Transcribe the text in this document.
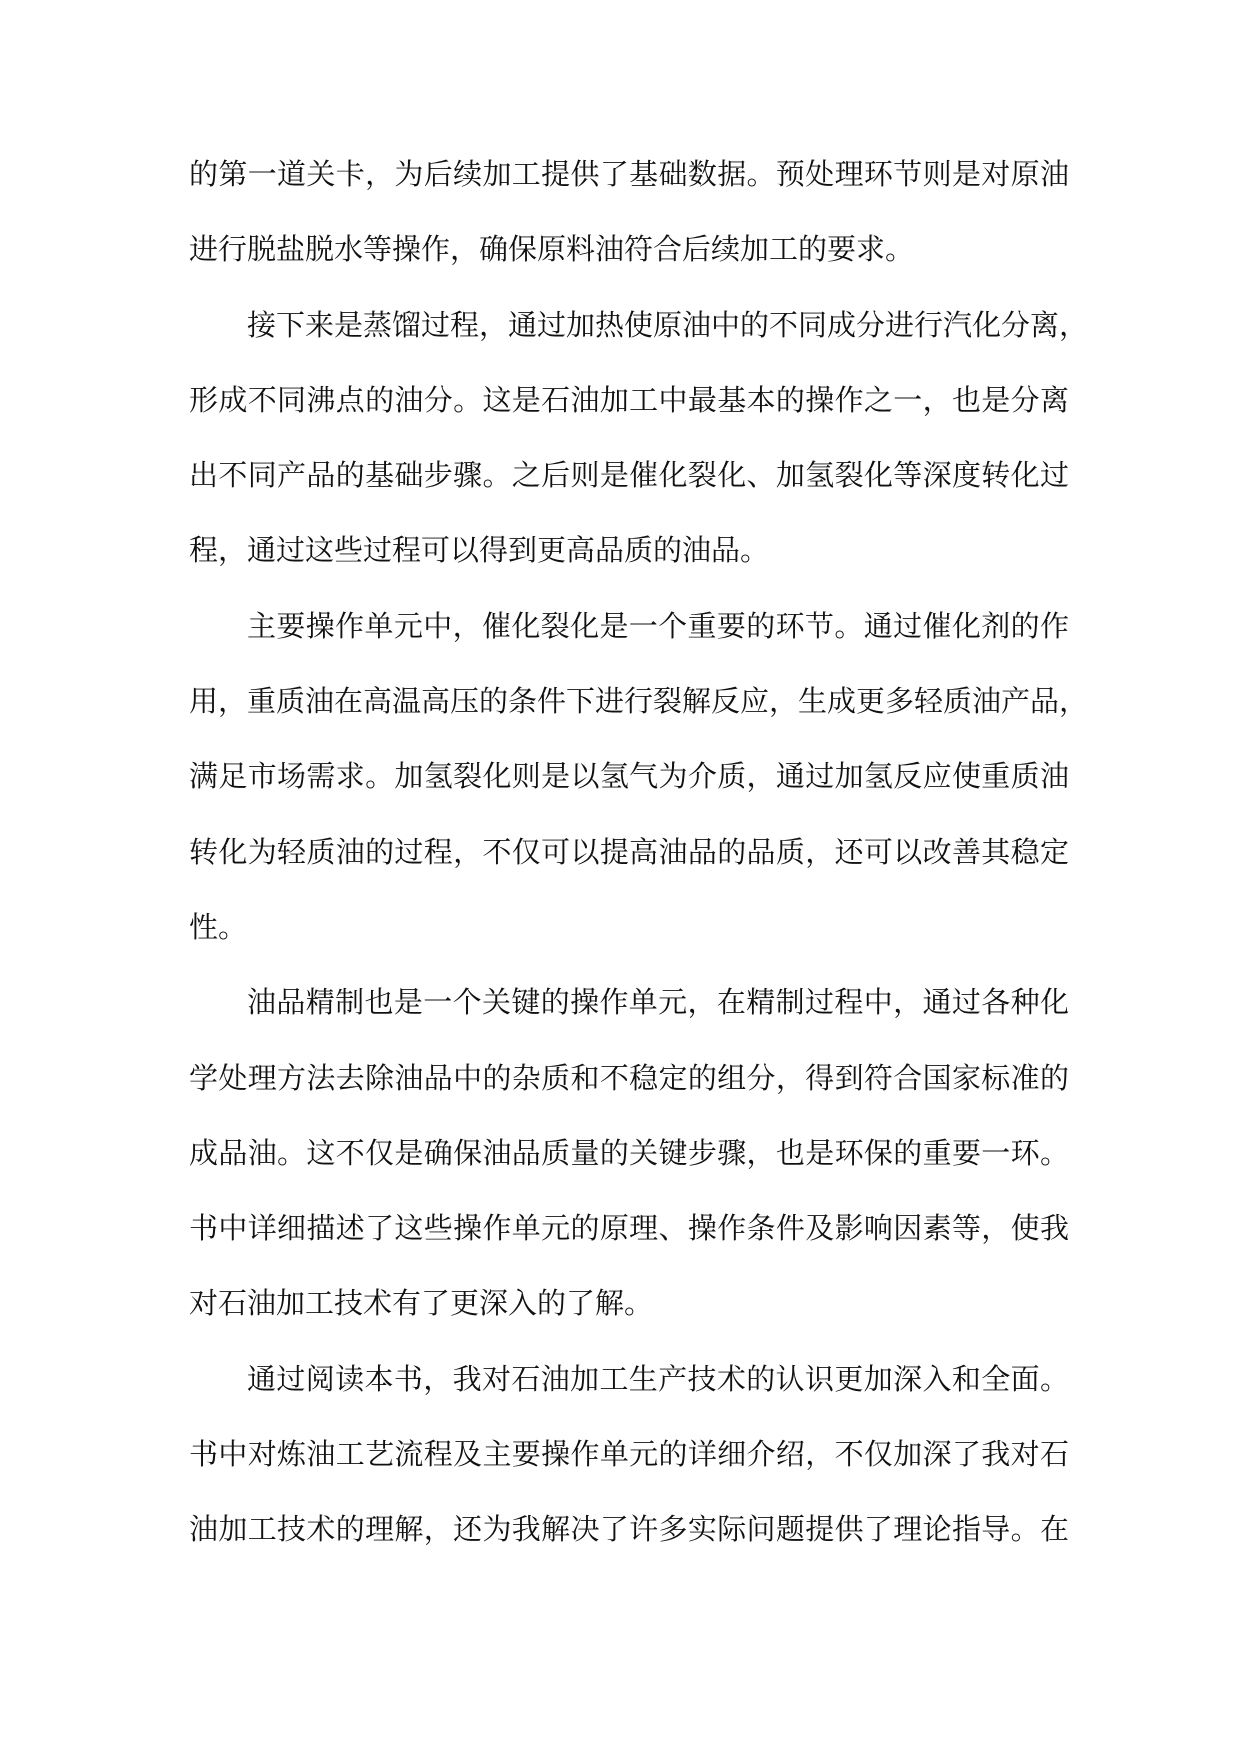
的第一道关卡，为后续加工提供了基础数据。预处理环节则是对原油
进行脱盐脱水等操作，确保原料油符合后续加工的要求。
接下来是蒸馏过程，通过加热使原油中的不同成分进行汽化分离，
形成不同沸点的油分。这是石油加工中最基本的操作之一，也是分离
出不同产品的基础步骤。之后则是催化裂化、加氢裂化等深度转化过
程，通过这些过程可以得到更高品质的油品。
主要操作单元中，催化裂化是一个重要的环节。通过催化剂的作
用，重质油在高温高压的条件下进行裂解反应，生成更多轻质油产品，
满足市场需求。加氢裂化则是以氢气为介质，通过加氢反应使重质油
转化为轻质油的过程，不仅可以提高油品的品质，还可以改善其稳定
性。
油品精制也是一个关键的操作单元，在精制过程中，通过各种化
学处理方法去除油品中的杂质和不稳定的组分，得到符合国家标准的
成品油。这不仅是确保油品质量的关键步骤，也是环保的重要一环。
书中详细描述了这些操作单元的原理、操作条件及影响因素等，使我
对石油加工技术有了更深入的了解。
通过阅读本书，我对石油加工生产技术的认识更加深入和全面。
书中对炼油工艺流程及主要操作单元的详细介绍，不仅加深了我对石
油加工技术的理解，还为我解决了许多实际问题提供了理论指导。在
